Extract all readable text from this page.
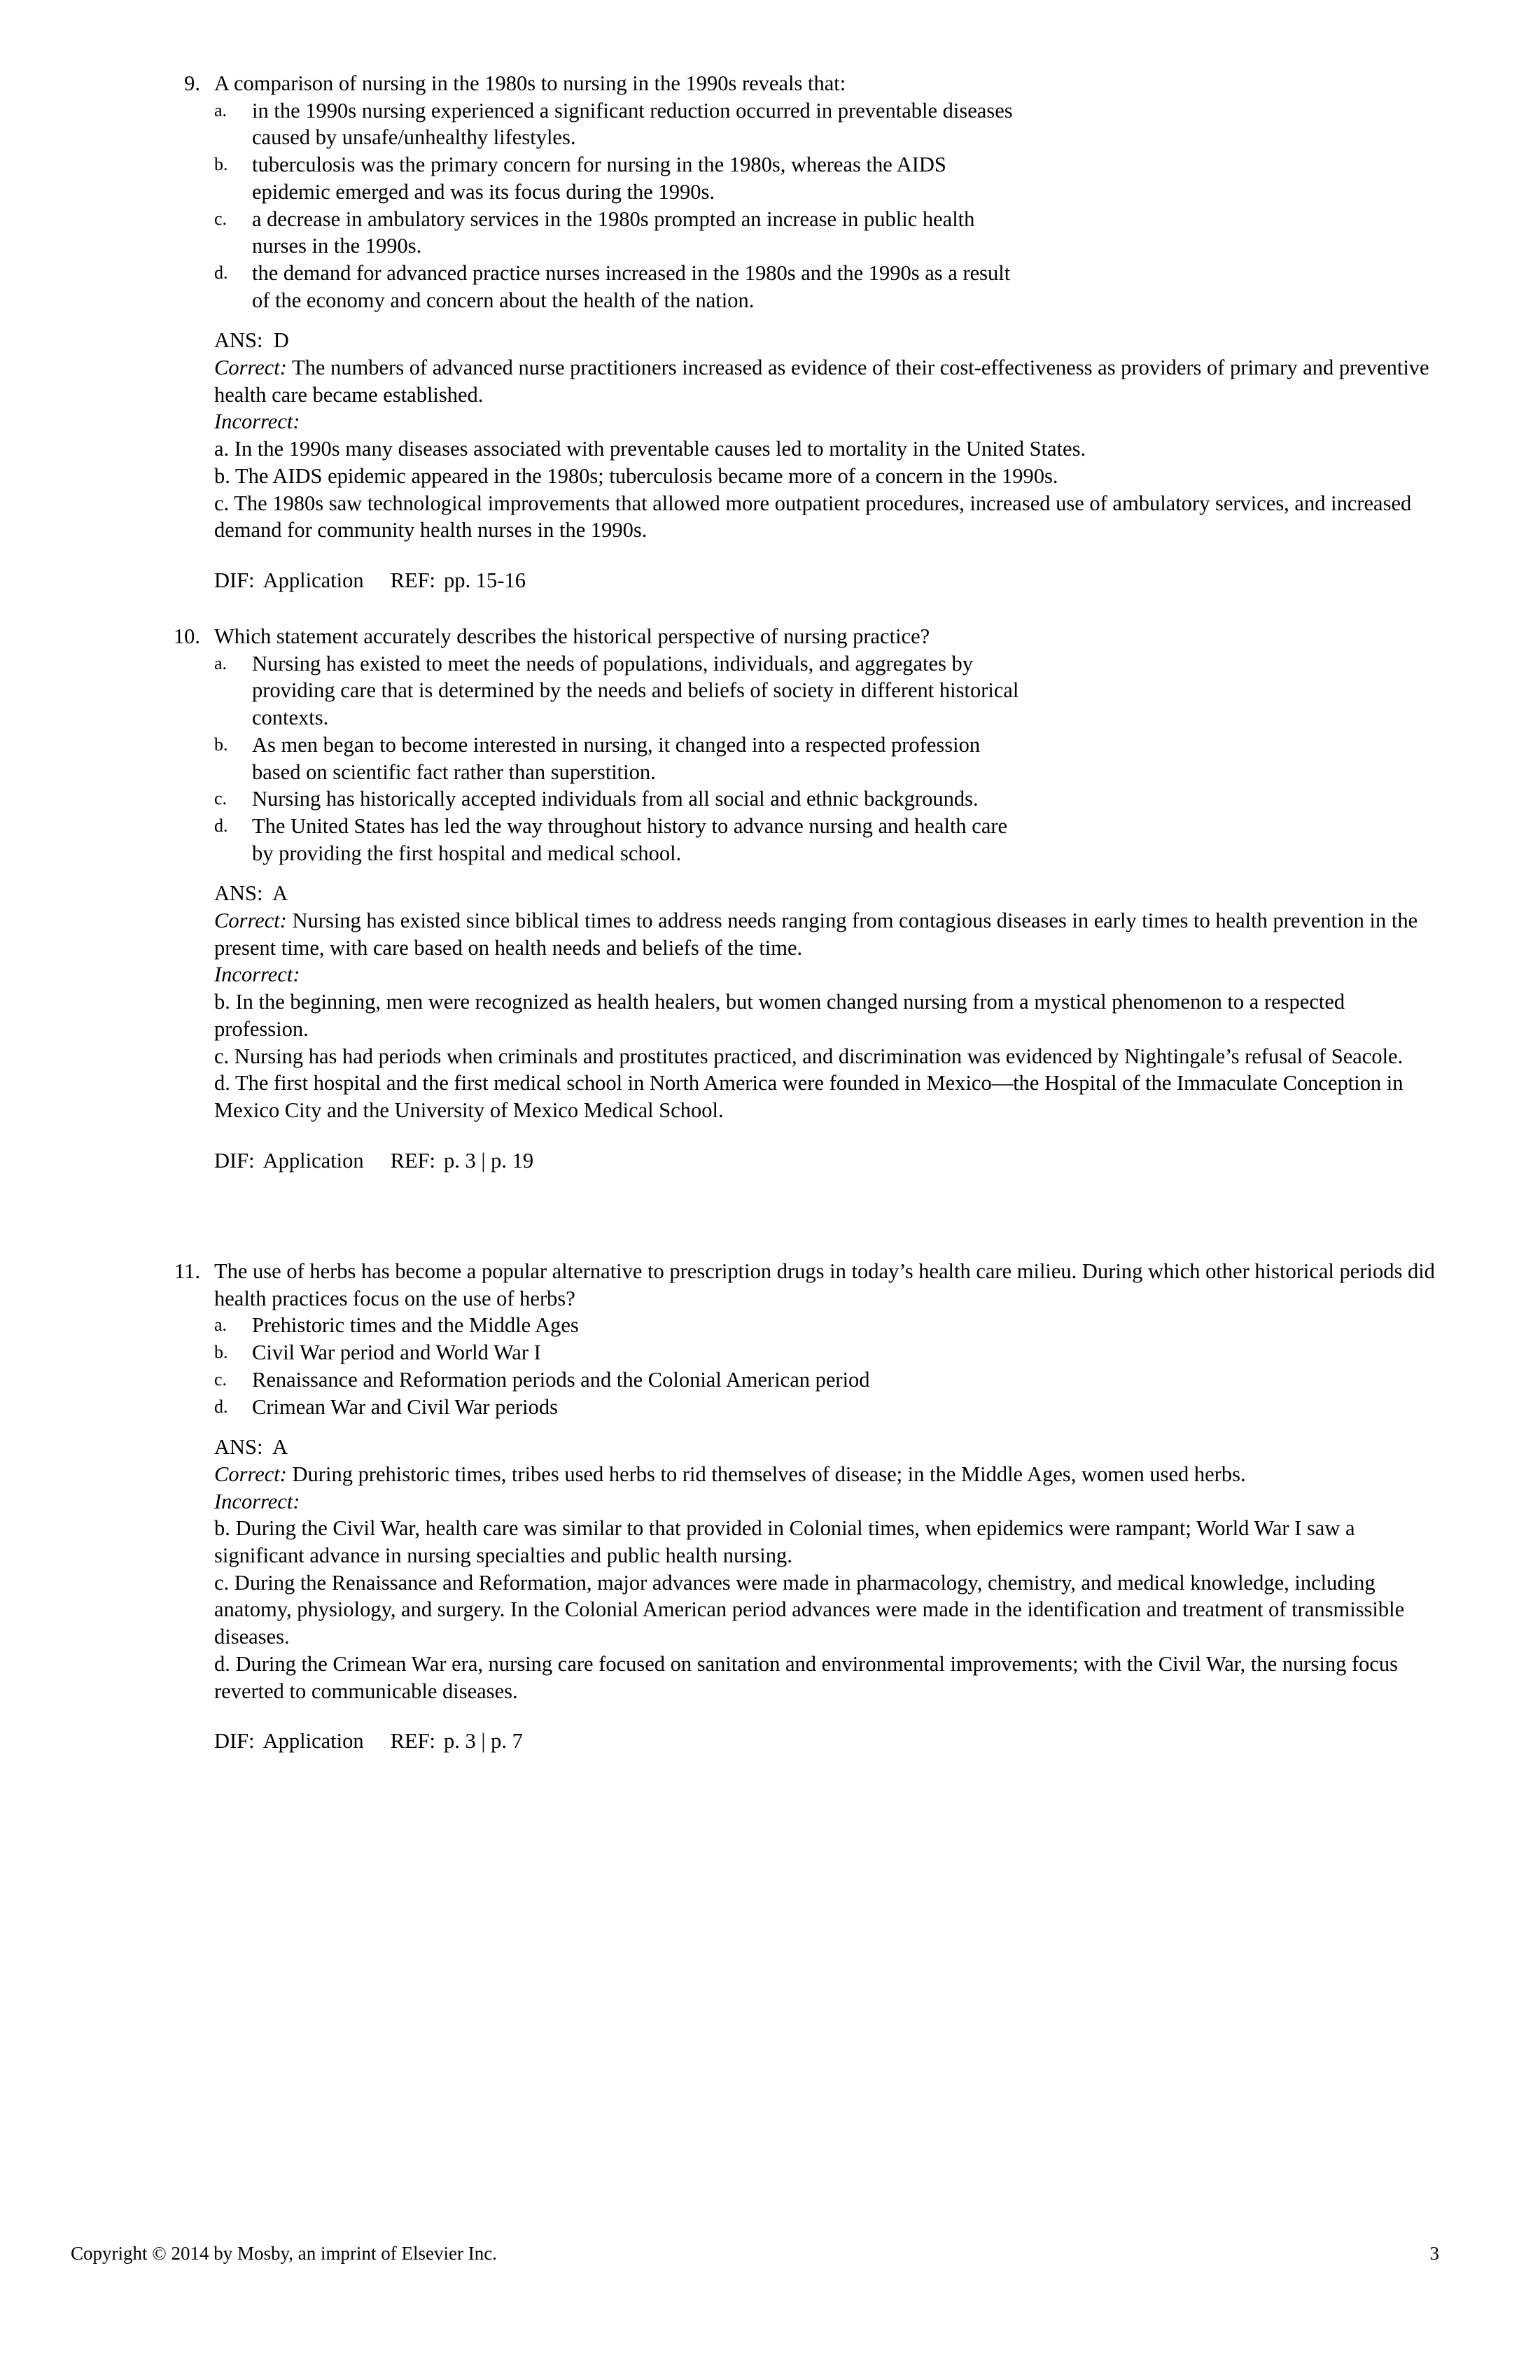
9. A comparison of nursing in the 1980s to nursing in the 1990s reveals that:
a.	in the 1990s nursing experienced a significant reduction occurred in preventable diseases caused by unsafe/unhealthy lifestyles.
b.	tuberculosis was the primary concern for nursing in the 1980s, whereas the AIDS epidemic emerged and was its focus during the 1990s.
c.	a decrease in ambulatory services in the 1980s prompted an increase in public health nurses in the 1990s.
d.	the demand for advanced practice nurses increased in the 1980s and the 1990s as a result of the economy and concern about the health of the nation.
ANS: D
Correct: The numbers of advanced nurse practitioners increased as evidence of their cost-effectiveness as providers of primary and preventive health care became established.
Incorrect:
a. In the 1990s many diseases associated with preventable causes led to mortality in the United States.
b. The AIDS epidemic appeared in the 1980s; tuberculosis became more of a concern in the 1990s.
c. The 1980s saw technological improvements that allowed more outpatient procedures, increased use of ambulatory services, and increased demand for community health nurses in the 1990s.
DIF: Application REF: pp. 15-16
10. Which statement accurately describes the historical perspective of nursing practice?
a.	Nursing has existed to meet the needs of populations, individuals, and aggregates by providing care that is determined by the needs and beliefs of society in different historical contexts.
b.	As men began to become interested in nursing, it changed into a respected profession based on scientific fact rather than superstition.
c.	Nursing has historically accepted individuals from all social and ethnic backgrounds.
d.	The United States has led the way throughout history to advance nursing and health care by providing the first hospital and medical school.
ANS: A
Correct: Nursing has existed since biblical times to address needs ranging from contagious diseases in early times to health prevention in the present time, with care based on health needs and beliefs of the time.
Incorrect:
b. In the beginning, men were recognized as health healers, but women changed nursing from a mystical phenomenon to a respected profession.
c. Nursing has had periods when criminals and prostitutes practiced, and discrimination was evidenced by Nightingale’s refusal of Seacole.
d. The first hospital and the first medical school in North America were founded in Mexico—the Hospital of the Immaculate Conception in Mexico City and the University of Mexico Medical School.
DIF: Application REF: p. 3 | p. 19
11. The use of herbs has become a popular alternative to prescription drugs in today’s health care milieu. During which other historical periods did health practices focus on the use of herbs?
a.	Prehistoric times and the Middle Ages
b.	Civil War period and World War I
c.	Renaissance and Reformation periods and the Colonial American period
d.	Crimean War and Civil War periods
ANS: A
Correct: During prehistoric times, tribes used herbs to rid themselves of disease; in the Middle Ages, women used herbs.
Incorrect:
b. During the Civil War, health care was similar to that provided in Colonial times, when epidemics were rampant; World War I saw a significant advance in nursing specialties and public health nursing.
c. During the Renaissance and Reformation, major advances were made in pharmacology, chemistry, and medical knowledge, including anatomy, physiology, and surgery. In the Colonial American period advances were made in the identification and treatment of transmissible diseases.
d. During the Crimean War era, nursing care focused on sanitation and environmental improvements; with the Civil War, the nursing focus reverted to communicable diseases.
DIF: Application REF: p. 3 | p. 7
Copyright © 2014 by Mosby, an imprint of Elsevier Inc.	3
